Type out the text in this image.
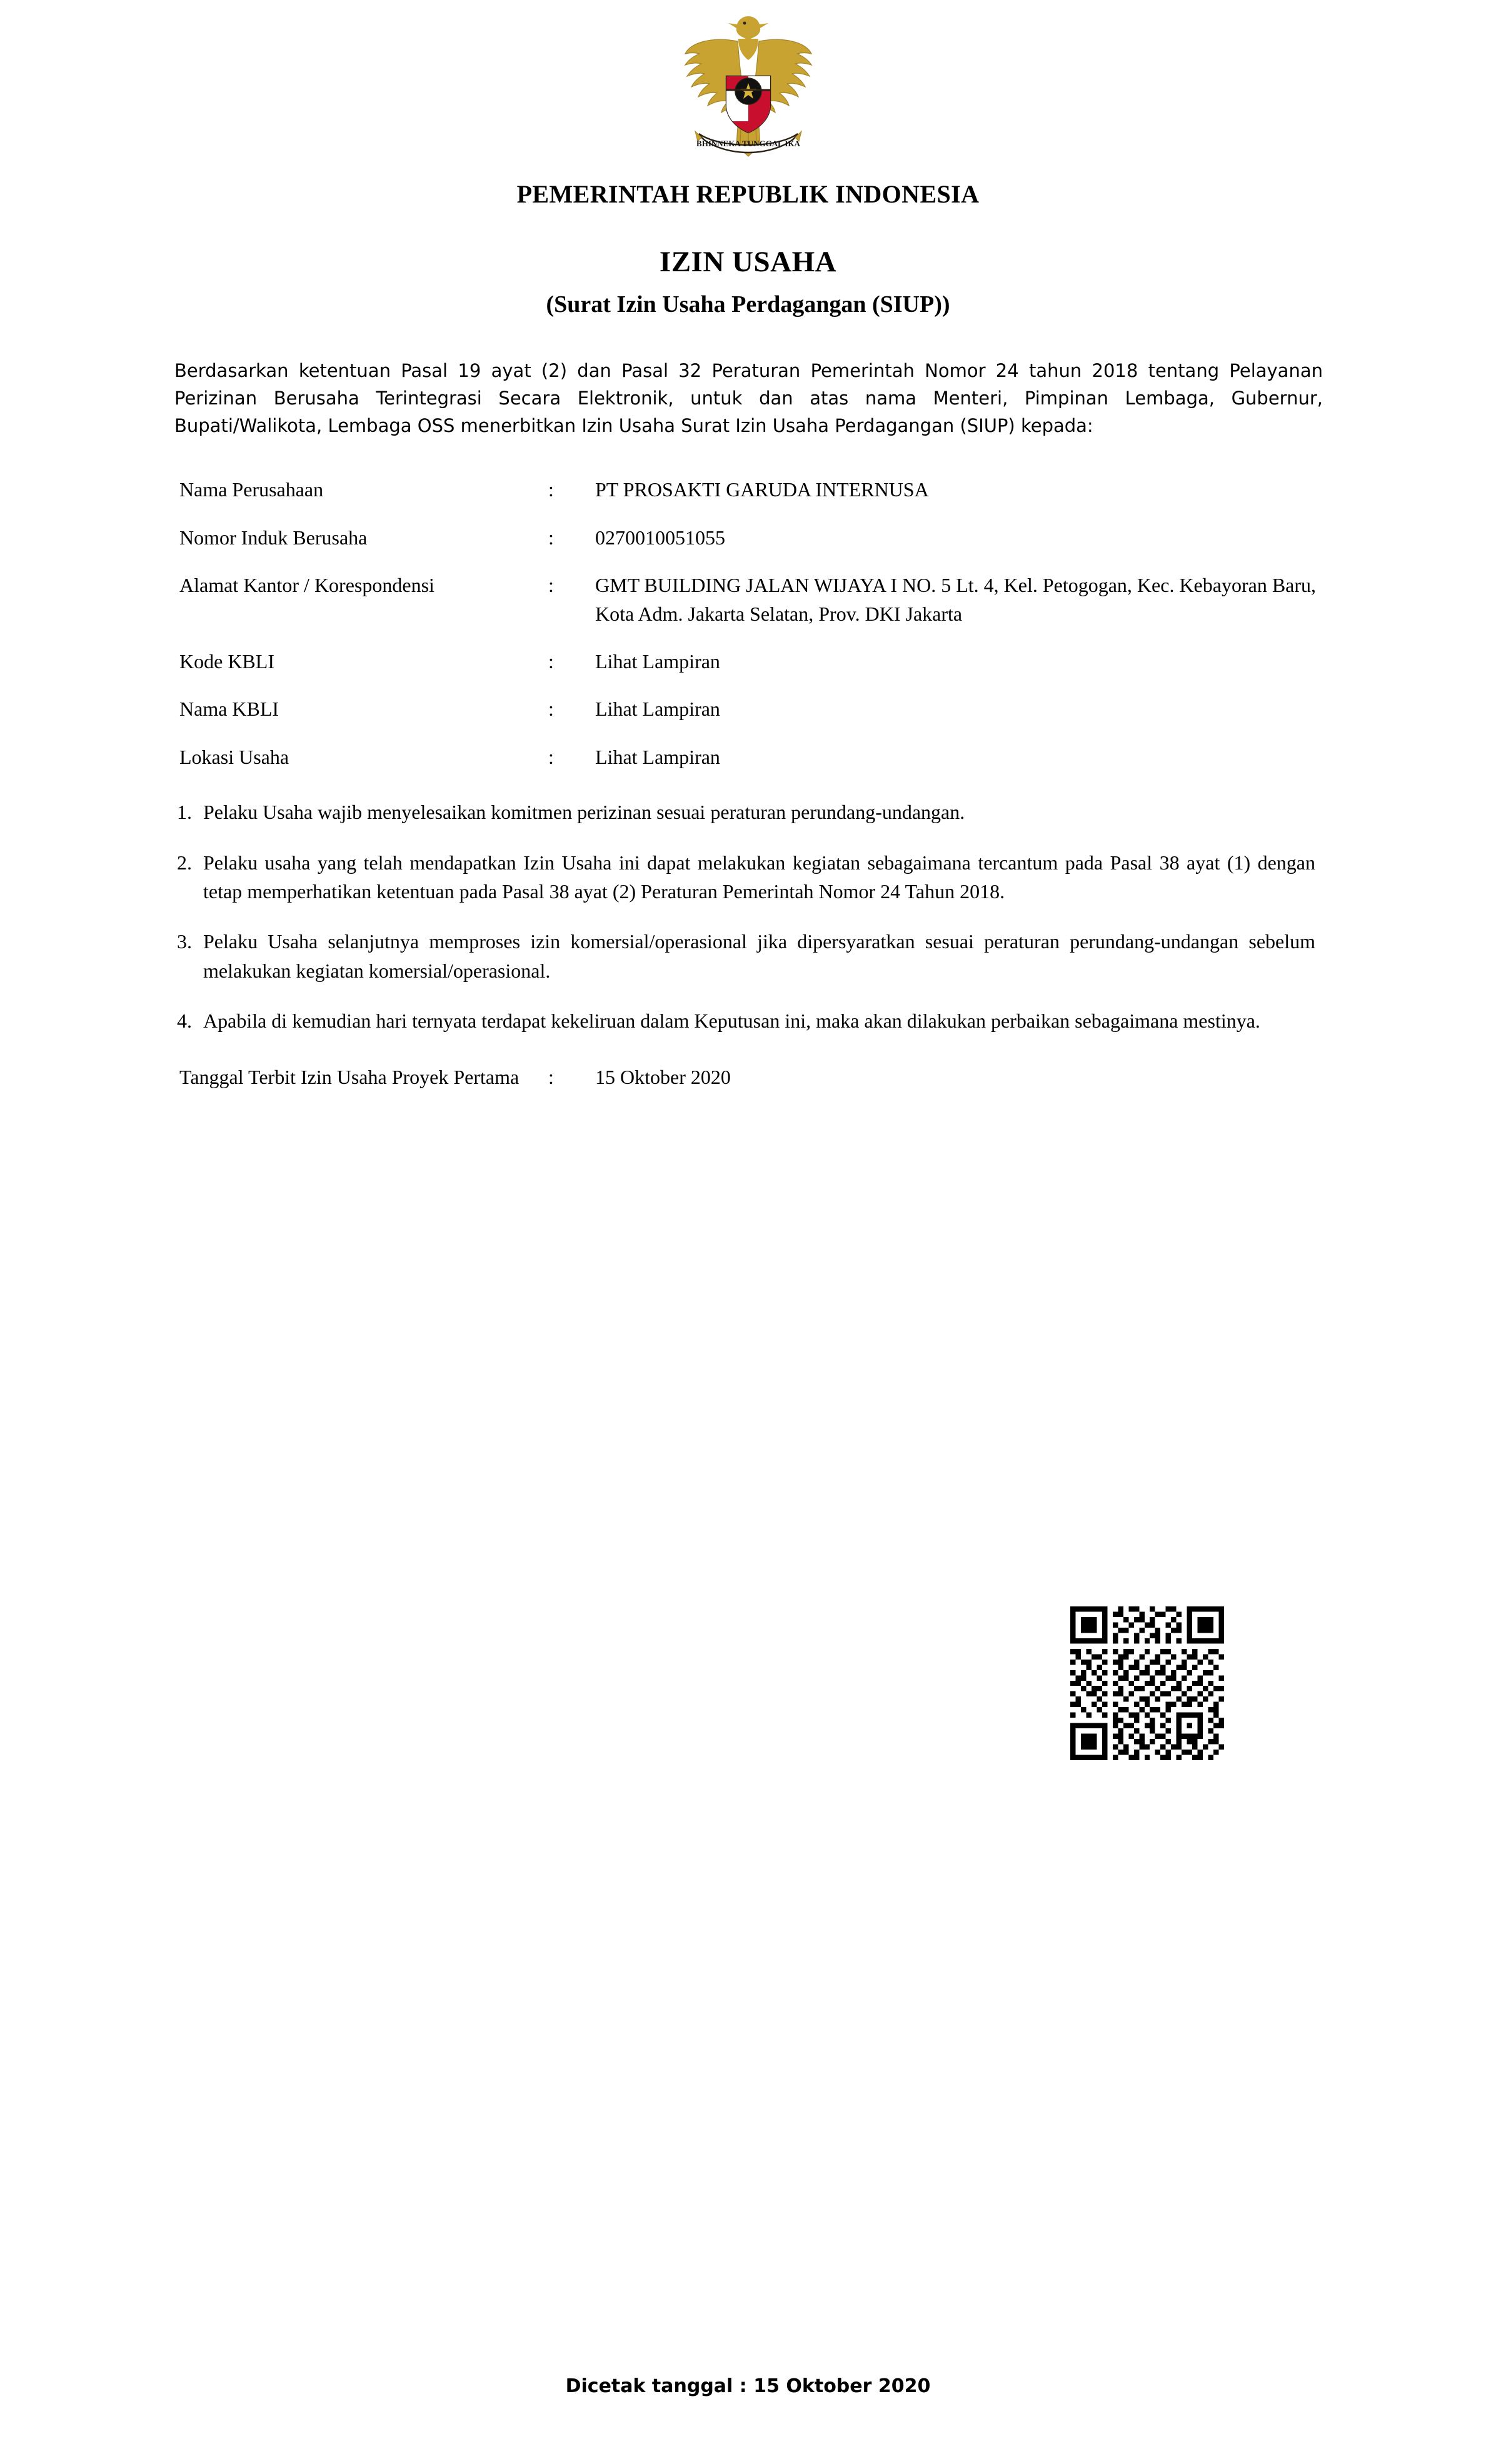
BHINNEKA TUNGGAL IKA
PEMERINTAH REPUBLIK INDONESIA
IZIN USAHA
(Surat Izin Usaha Perdagangan (SIUP))
Berdasarkan ketentuan Pasal 19 ayat (2) dan Pasal 32 Peraturan Pemerintah Nomor 24 tahun 2018 tentang Pelayanan Perizinan Berusaha Terintegrasi Secara Elektronik, untuk dan atas nama Menteri, Pimpinan Lembaga, Gubernur, Bupati/Walikota, Lembaga OSS menerbitkan Izin Usaha Surat Izin Usaha Perdagangan (SIUP) kepada:
Nama Perusahaan	:	PT PROSAKTI GARUDA INTERNUSA
Nomor Induk Berusaha	:	0270010051055
Alamat Kantor / Korespondensi	:	GMT BUILDING JALAN WIJAYA I NO. 5 Lt. 4, Kel. Petogogan, Kec. Kebayoran Baru, Kota Adm. Jakarta Selatan, Prov. DKI Jakarta
Kode KBLI	:	Lihat Lampiran
Nama KBLI	:	Lihat Lampiran
Lokasi Usaha	:	Lihat Lampiran
1. Pelaku Usaha wajib menyelesaikan komitmen perizinan sesuai peraturan perundang-undangan.
2. Pelaku usaha yang telah mendapatkan Izin Usaha ini dapat melakukan kegiatan sebagaimana tercantum pada Pasal 38 ayat (1) dengan tetap memperhatikan ketentuan pada Pasal 38 ayat (2) Peraturan Pemerintah Nomor 24 Tahun 2018.
3. Pelaku Usaha selanjutnya memproses izin komersial/operasional jika dipersyaratkan sesuai peraturan perundang-undangan sebelum melakukan kegiatan komersial/operasional.
4. Apabila di kemudian hari ternyata terdapat kekeliruan dalam Keputusan ini, maka akan dilakukan perbaikan sebagaimana mestinya.
Tanggal Terbit Izin Usaha Proyek Pertama	:	15 Oktober 2020
Dicetak tanggal : 15 Oktober 2020
